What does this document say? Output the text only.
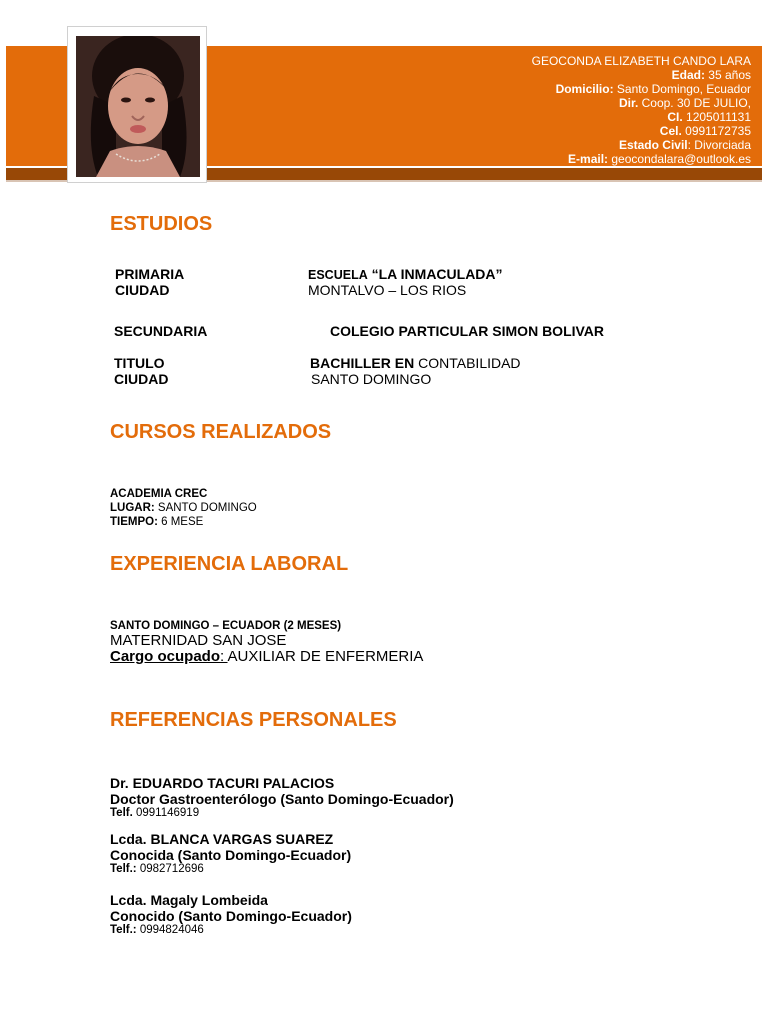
GEOCONDA ELIZABETH CANDO LARA
Edad: 35 años
Domicilio: Santo Domingo, Ecuador
Dir. Coop. 30 DE JULIO,
CI. 1205011131
Cel. 0991172735
Estado Civil: Divorciada
E-mail: geocondalara@outlook.es
ESTUDIOS
PRIMARIA	ESCUELA “LA INMACULADA”
CIUDAD	MONTALVO – LOS RIOS
SECUNDARIA	COLEGIO PARTICULAR SIMON BOLIVAR
TITULO	BACHILLER EN CONTABILIDAD
CIUDAD	SANTO DOMINGO
CURSOS REALIZADOS
ACADEMIA CREC
LUGAR: SANTO DOMINGO
TIEMPO: 6 MESE
EXPERIENCIA LABORAL
SANTO DOMINGO – ECUADOR (2 MESES)
MATERNIDAD SAN JOSE
Cargo ocupado: AUXILIAR DE ENFERMERIA
REFERENCIAS PERSONALES
Dr. EDUARDO TACURI PALACIOS
Doctor Gastroenterólogo (Santo Domingo-Ecuador)
Telf. 0991146919
Lcda. BLANCA VARGAS SUAREZ
Conocida (Santo Domingo-Ecuador)
Telf.: 0982712696
Lcda. Magaly Lombeida
Conocido (Santo Domingo-Ecuador)
Telf.: 0994824046
